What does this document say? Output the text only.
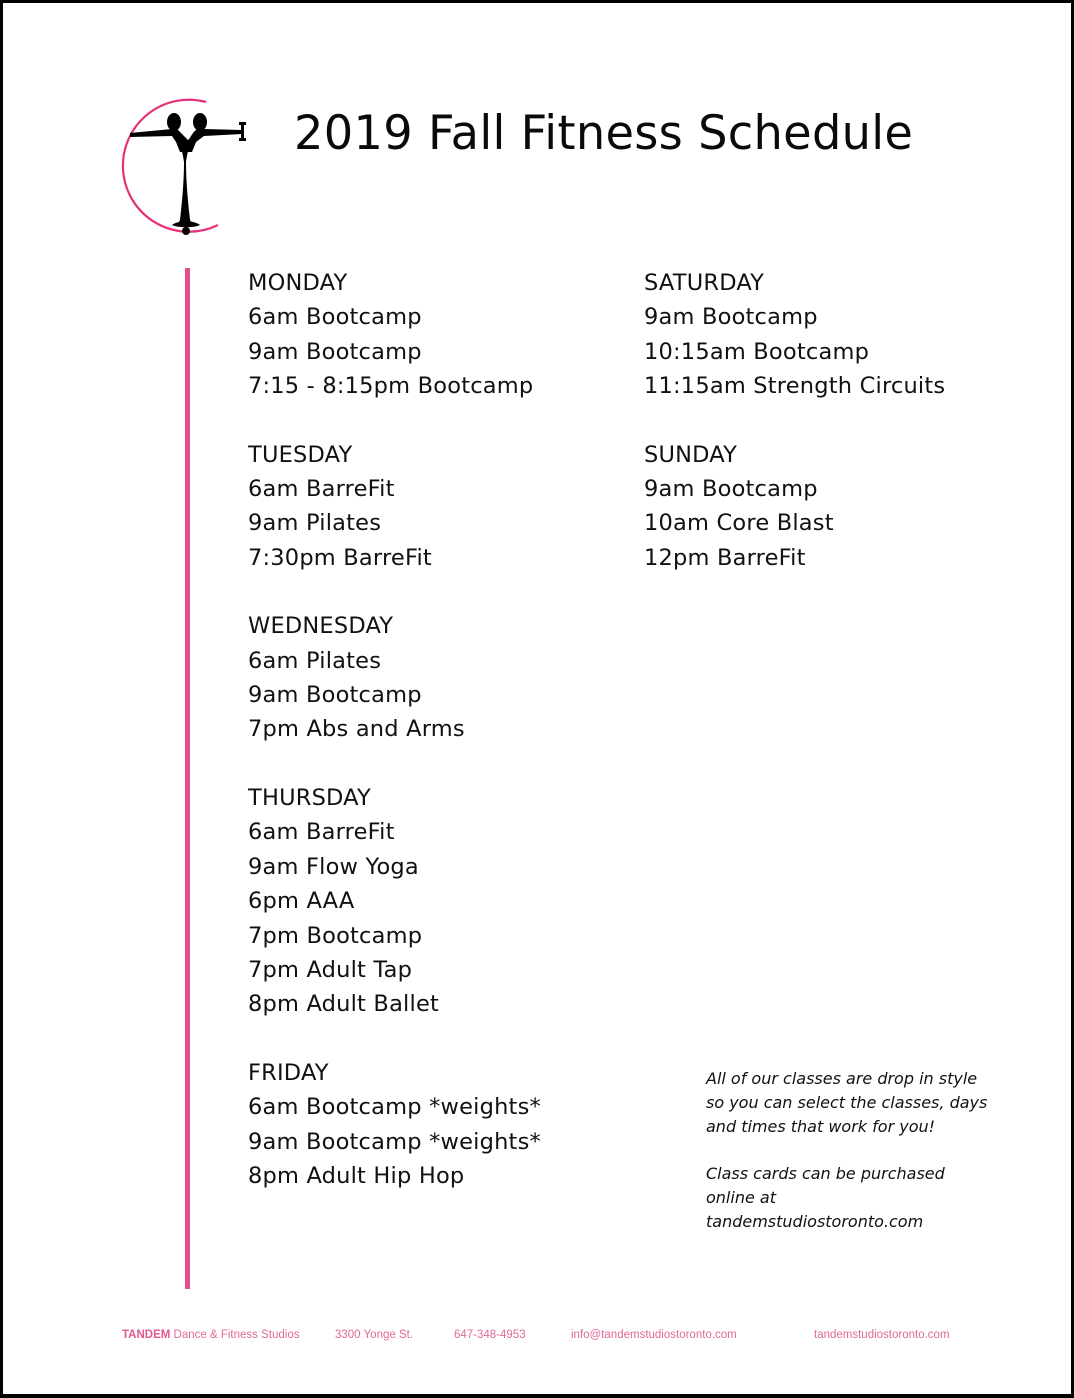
2019 Fall Fitness Schedule
MONDAY
6am Bootcamp
9am Bootcamp
7:15 - 8:15pm Bootcamp
TUESDAY
6am BarreFit
9am Pilates
7:30pm BarreFit
WEDNESDAY
6am Pilates
9am Bootcamp
7pm Abs and Arms
THURSDAY
6am BarreFit
9am Flow Yoga
6pm AAA
7pm Bootcamp
7pm Adult Tap
8pm Adult Ballet
FRIDAY
6am Bootcamp *weights*
9am Bootcamp *weights*
8pm Adult Hip Hop
SATURDAY
9am Bootcamp
10:15am Bootcamp
11:15am Strength Circuits
SUNDAY
9am Bootcamp
10am Core Blast
12pm BarreFit

All of our classes are drop in style
so you can select the classes, days
and times that work for you!

Class cards can be purchased
online at
tandemstudiostoronto.com

TANDEM Dance & Fitness Studios	3300 Yonge St.	647-348-4953	info@tandemstudiostoronto.com	tandemstudiostoronto.com
